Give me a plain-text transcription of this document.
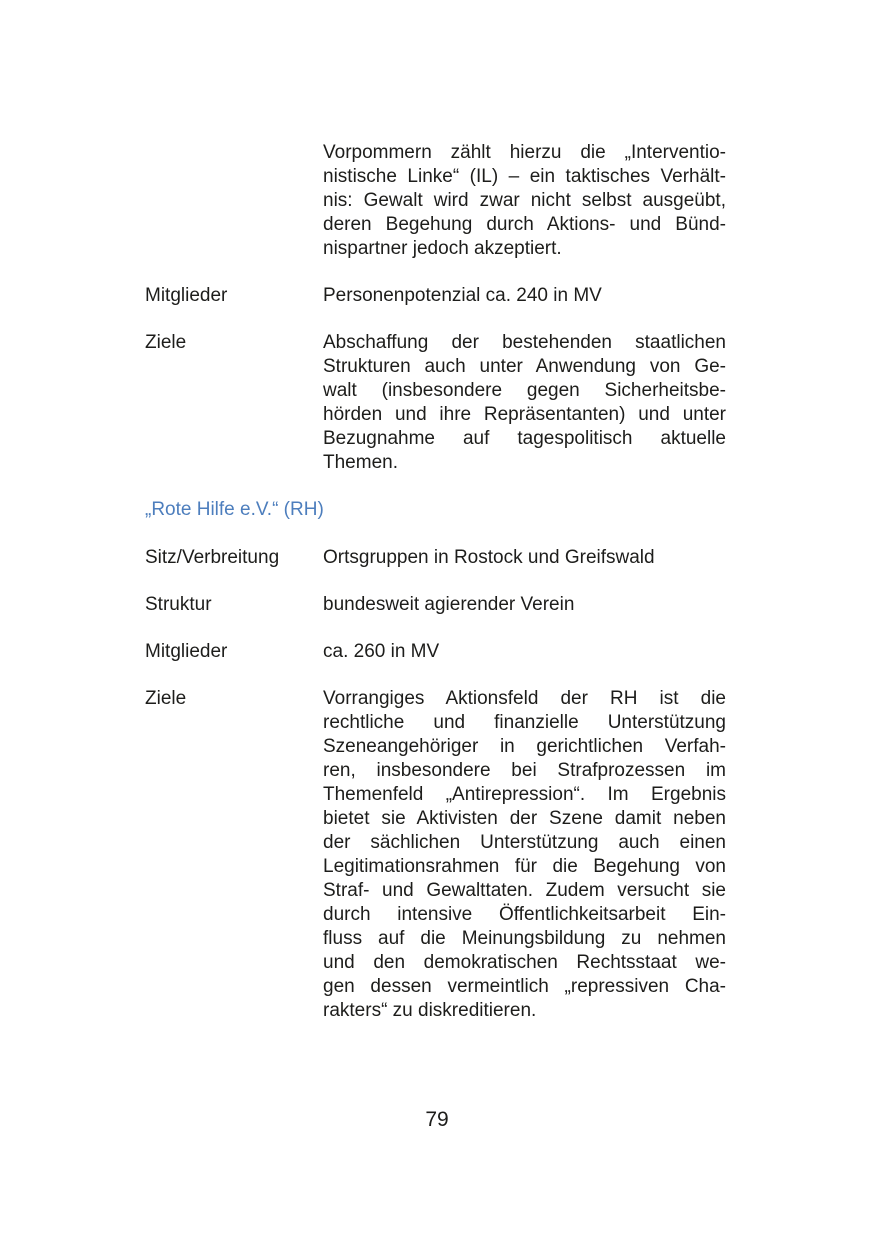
Vorpommern zählt hierzu die „Interventio-
nistische Linke“ (IL) – ein taktisches Verhält-
nis: Gewalt wird zwar nicht selbst ausgeübt,
deren Begehung durch Aktions- und Bünd-
nispartner jedoch akzeptiert.
Mitglieder	Personenpotenzial ca. 240 in MV
Ziele	Abschaffung der bestehenden staatlichen
Strukturen auch unter Anwendung von Ge-
walt (insbesondere gegen Sicherheitsbe-
hörden und ihre Repräsentanten) und unter
Bezugnahme auf tagespolitisch aktuelle
Themen.
„Rote Hilfe e.V.“ (RH)
Sitz/Verbreitung	Ortsgruppen in Rostock und Greifswald
Struktur	bundesweit agierender Verein
Mitglieder	ca. 260 in MV
Ziele	Vorrangiges Aktionsfeld der RH ist die
rechtliche und finanzielle Unterstützung
Szeneangehöriger in gerichtlichen Verfah-
ren, insbesondere bei Strafprozessen im
Themenfeld „Antirepression“. Im Ergebnis
bietet sie Aktivisten der Szene damit neben
der sächlichen Unterstützung auch einen
Legitimationsrahmen für die Begehung von
Straf- und Gewalttaten. Zudem versucht sie
durch intensive Öffentlichkeitsarbeit Ein-
fluss auf die Meinungsbildung zu nehmen
und den demokratischen Rechtsstaat we-
gen dessen vermeintlich „repressiven Cha-
rakters“ zu diskreditieren.
79
